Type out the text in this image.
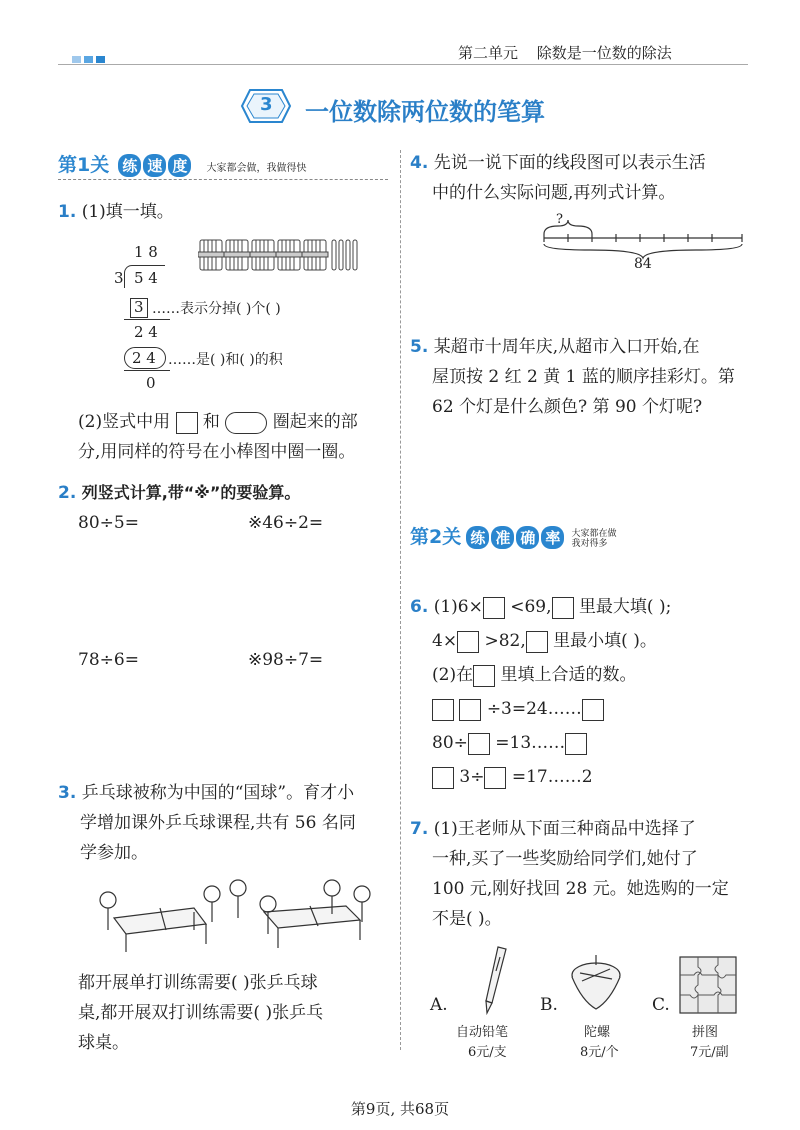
第二单元 除数是一位数的除法
3 一位数除两位数的笔算
第1关 练 速 度 大家都会做，我做得快
1. (1)填一填。
1 8
3 5 4
3 ……表示分掉( )个( )
2 4
2 4 ……是( )和( )的积
0
(2)竖式中用 和	圈起来的部
分,用同样的符号在小棒图中圈一圈。
2. 列竖式计算,带“※”的要验算。
80÷5=	※46÷2=
78÷6=	※98÷7=
3. 乒乓球被称为中国的“国球”。育才小
学增加课外乒乓球课程,共有 56 名同
学参加。
都开展单打训练需要( )张乒乓球
桌,都开展双打训练需要( )张乒乓
球桌。
4. 先说一说下面的线段图可以表示生活
中的什么实际问题,再列式计算。
?
84
5. 某超市十周年庆,从超市入口开始,在
屋顶按 2 红 2 黄 1 蓝的顺序挂彩灯。第
62 个灯是什么颜色? 第 90 个灯呢?
第2关 练 准 确 率 大家都在做
我对得多
6. (1)6× <69, 里最大填( );
4× >82, 里最小填( )。
(2)在 里填上合适的数。
÷3=24……
80÷ =13……
3÷ =17……2
7. (1)王老师从下面三种商品中选择了
一种,买了一些奖励给同学们,她付了
100 元,刚好找回 28 元。她选购的一定
不是( )。
A.
自动铅笔
6元/支
B.
陀螺
8元/个
C.
拼图
7元/副
第9页, 共68页
